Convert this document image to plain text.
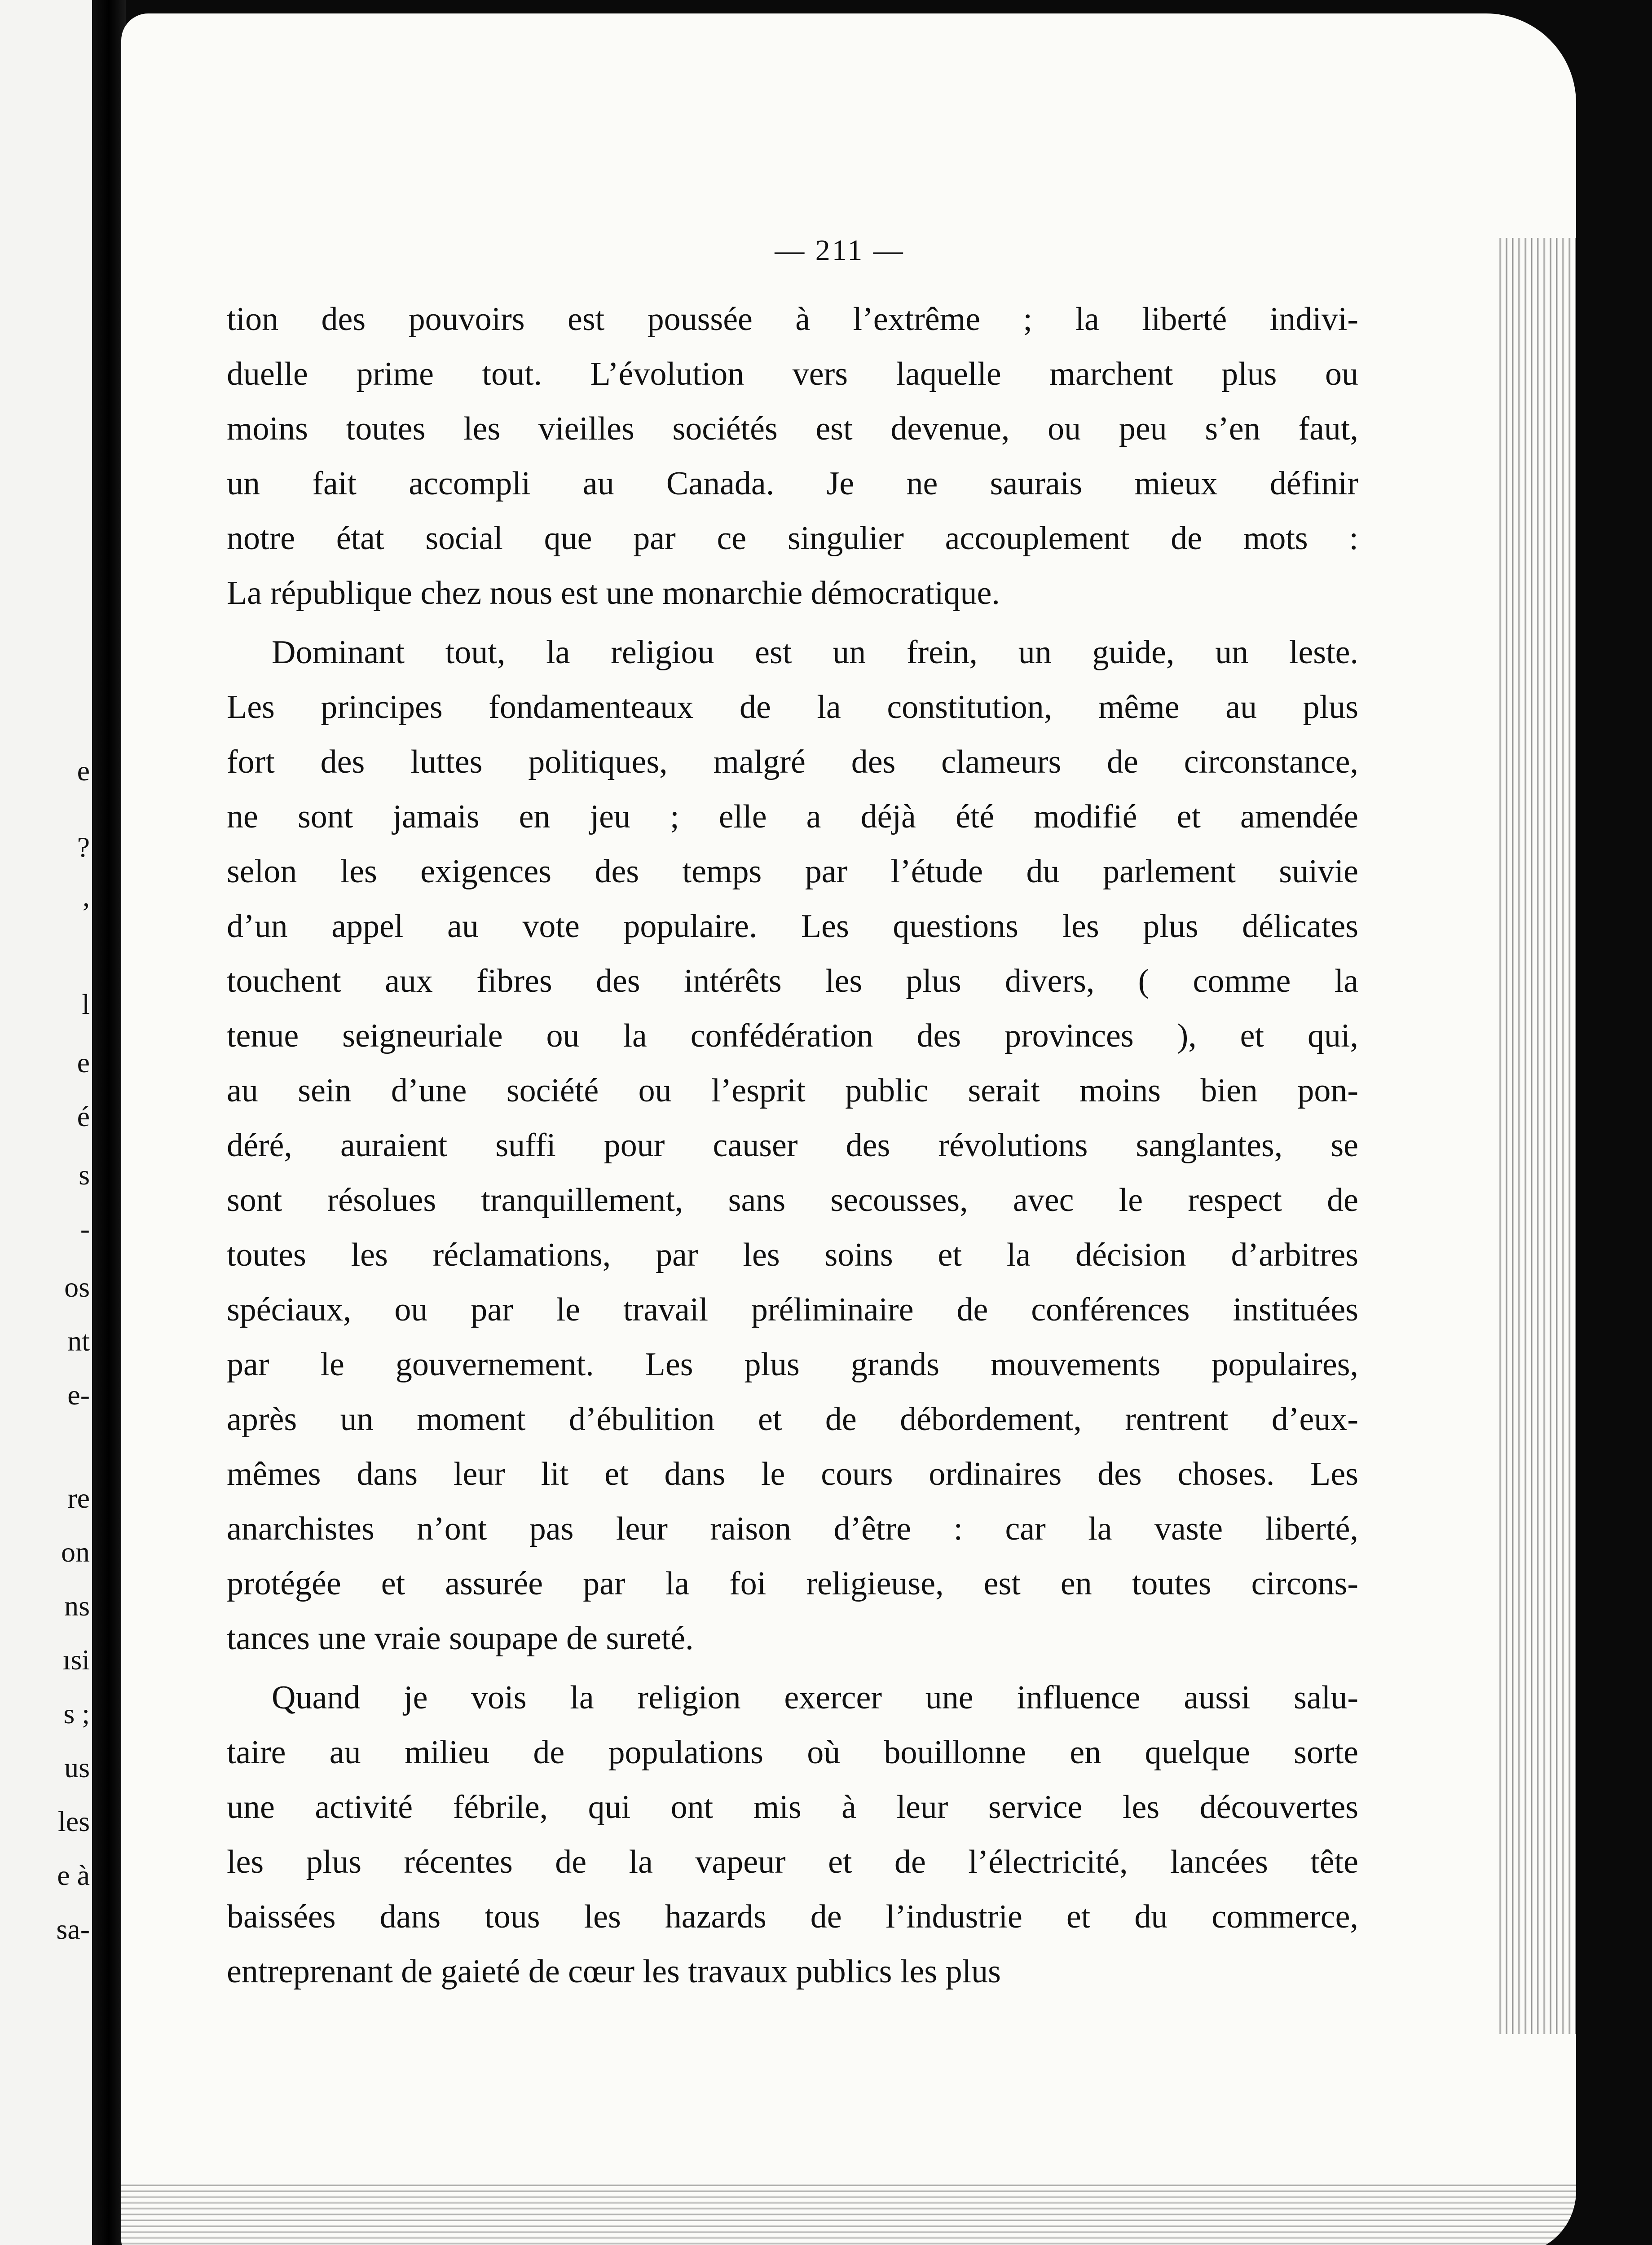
e
?
,
l
e
é
s
-
os
nt
e-
re
on
ns
ısi
s ;
us
les
e à
sa-
— 211 —
tion des pouvoirs est poussée à l’extrême ; la liberté indivi-
duelle prime tout. L’évolution vers laquelle marchent plus ou
moins toutes les vieilles sociétés est devenue, ou peu s’en faut,
un fait accompli au Canada. Je ne saurais mieux définir
notre état social que par ce singulier accouplement de mots :
La république chez nous est une monarchie démocratique.
Dominant tout, la religiou est un frein, un guide, un leste.
Les principes fondamenteaux de la constitution, même au plus
fort des luttes politiques, malgré des clameurs de circonstance,
ne sont jamais en jeu ; elle a déjà été modifié et amendée
selon les exigences des temps par l’étude du parlement suivie
d’un appel au vote populaire. Les questions les plus délicates
touchent aux fibres des intérêts les plus divers, ( comme la
tenue seigneuriale ou la confédération des provinces ), et qui,
au sein d’une société ou l’esprit public serait moins bien pon-
déré, auraient suffi pour causer des révolutions sanglantes, se
sont résolues tranquillement, sans secousses, avec le respect de
toutes les réclamations, par les soins et la décision d’arbitres
spéciaux, ou par le travail préliminaire de conférences instituées
par le gouvernement. Les plus grands mouvements populaires,
après un moment d’ébulition et de débordement, rentrent d’eux-
mêmes dans leur lit et dans le cours ordinaires des choses. Les
anarchistes n’ont pas leur raison d’être : car la vaste liberté,
protégée et assurée par la foi religieuse, est en toutes circons-
tances une vraie soupape de sureté.
Quand je vois la religion exercer une influence aussi salu-
taire au milieu de populations où bouillonne en quelque sorte
une activité fébrile, qui ont mis à leur service les découvertes
les plus récentes de la vapeur et de l’électricité, lancées tête
baissées dans tous les hazards de l’industrie et du commerce,
entreprenant de gaieté de cœur les travaux publics les plus
